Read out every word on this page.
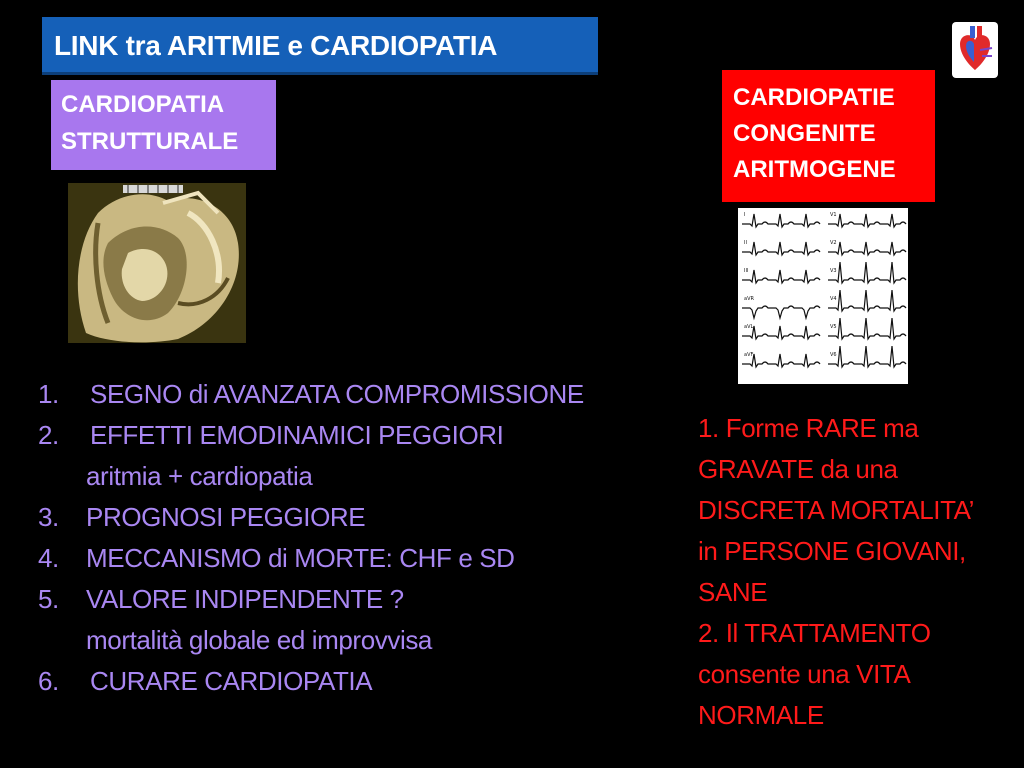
LINK tra ARITMIE e CARDIOPATIA
CARDIOPATIA
STRUTTURALE
CARDIOPATIE
CONGENITE
ARITMOGENE
I
II
III
aVR
aVL
aVF
V1
V2
V3
V4
V5
V6
1. SEGNO di AVANZATA COMPROMISSIONE
2. EFFETTI EMODINAMICI PEGGIORI
aritmia + cardiopatia
3. PROGNOSI PEGGIORE
4. MECCANISMO di MORTE: CHF e SD
5. VALORE INDIPENDENTE ?
mortalità globale ed improvvisa
6. CURARE CARDIOPATIA
1. Forme RARE ma
GRAVATE da una
DISCRETA MORTALITA’
in PERSONE GIOVANI,
SANE
2. Il TRATTAMENTO
consente una VITA
NORMALE
